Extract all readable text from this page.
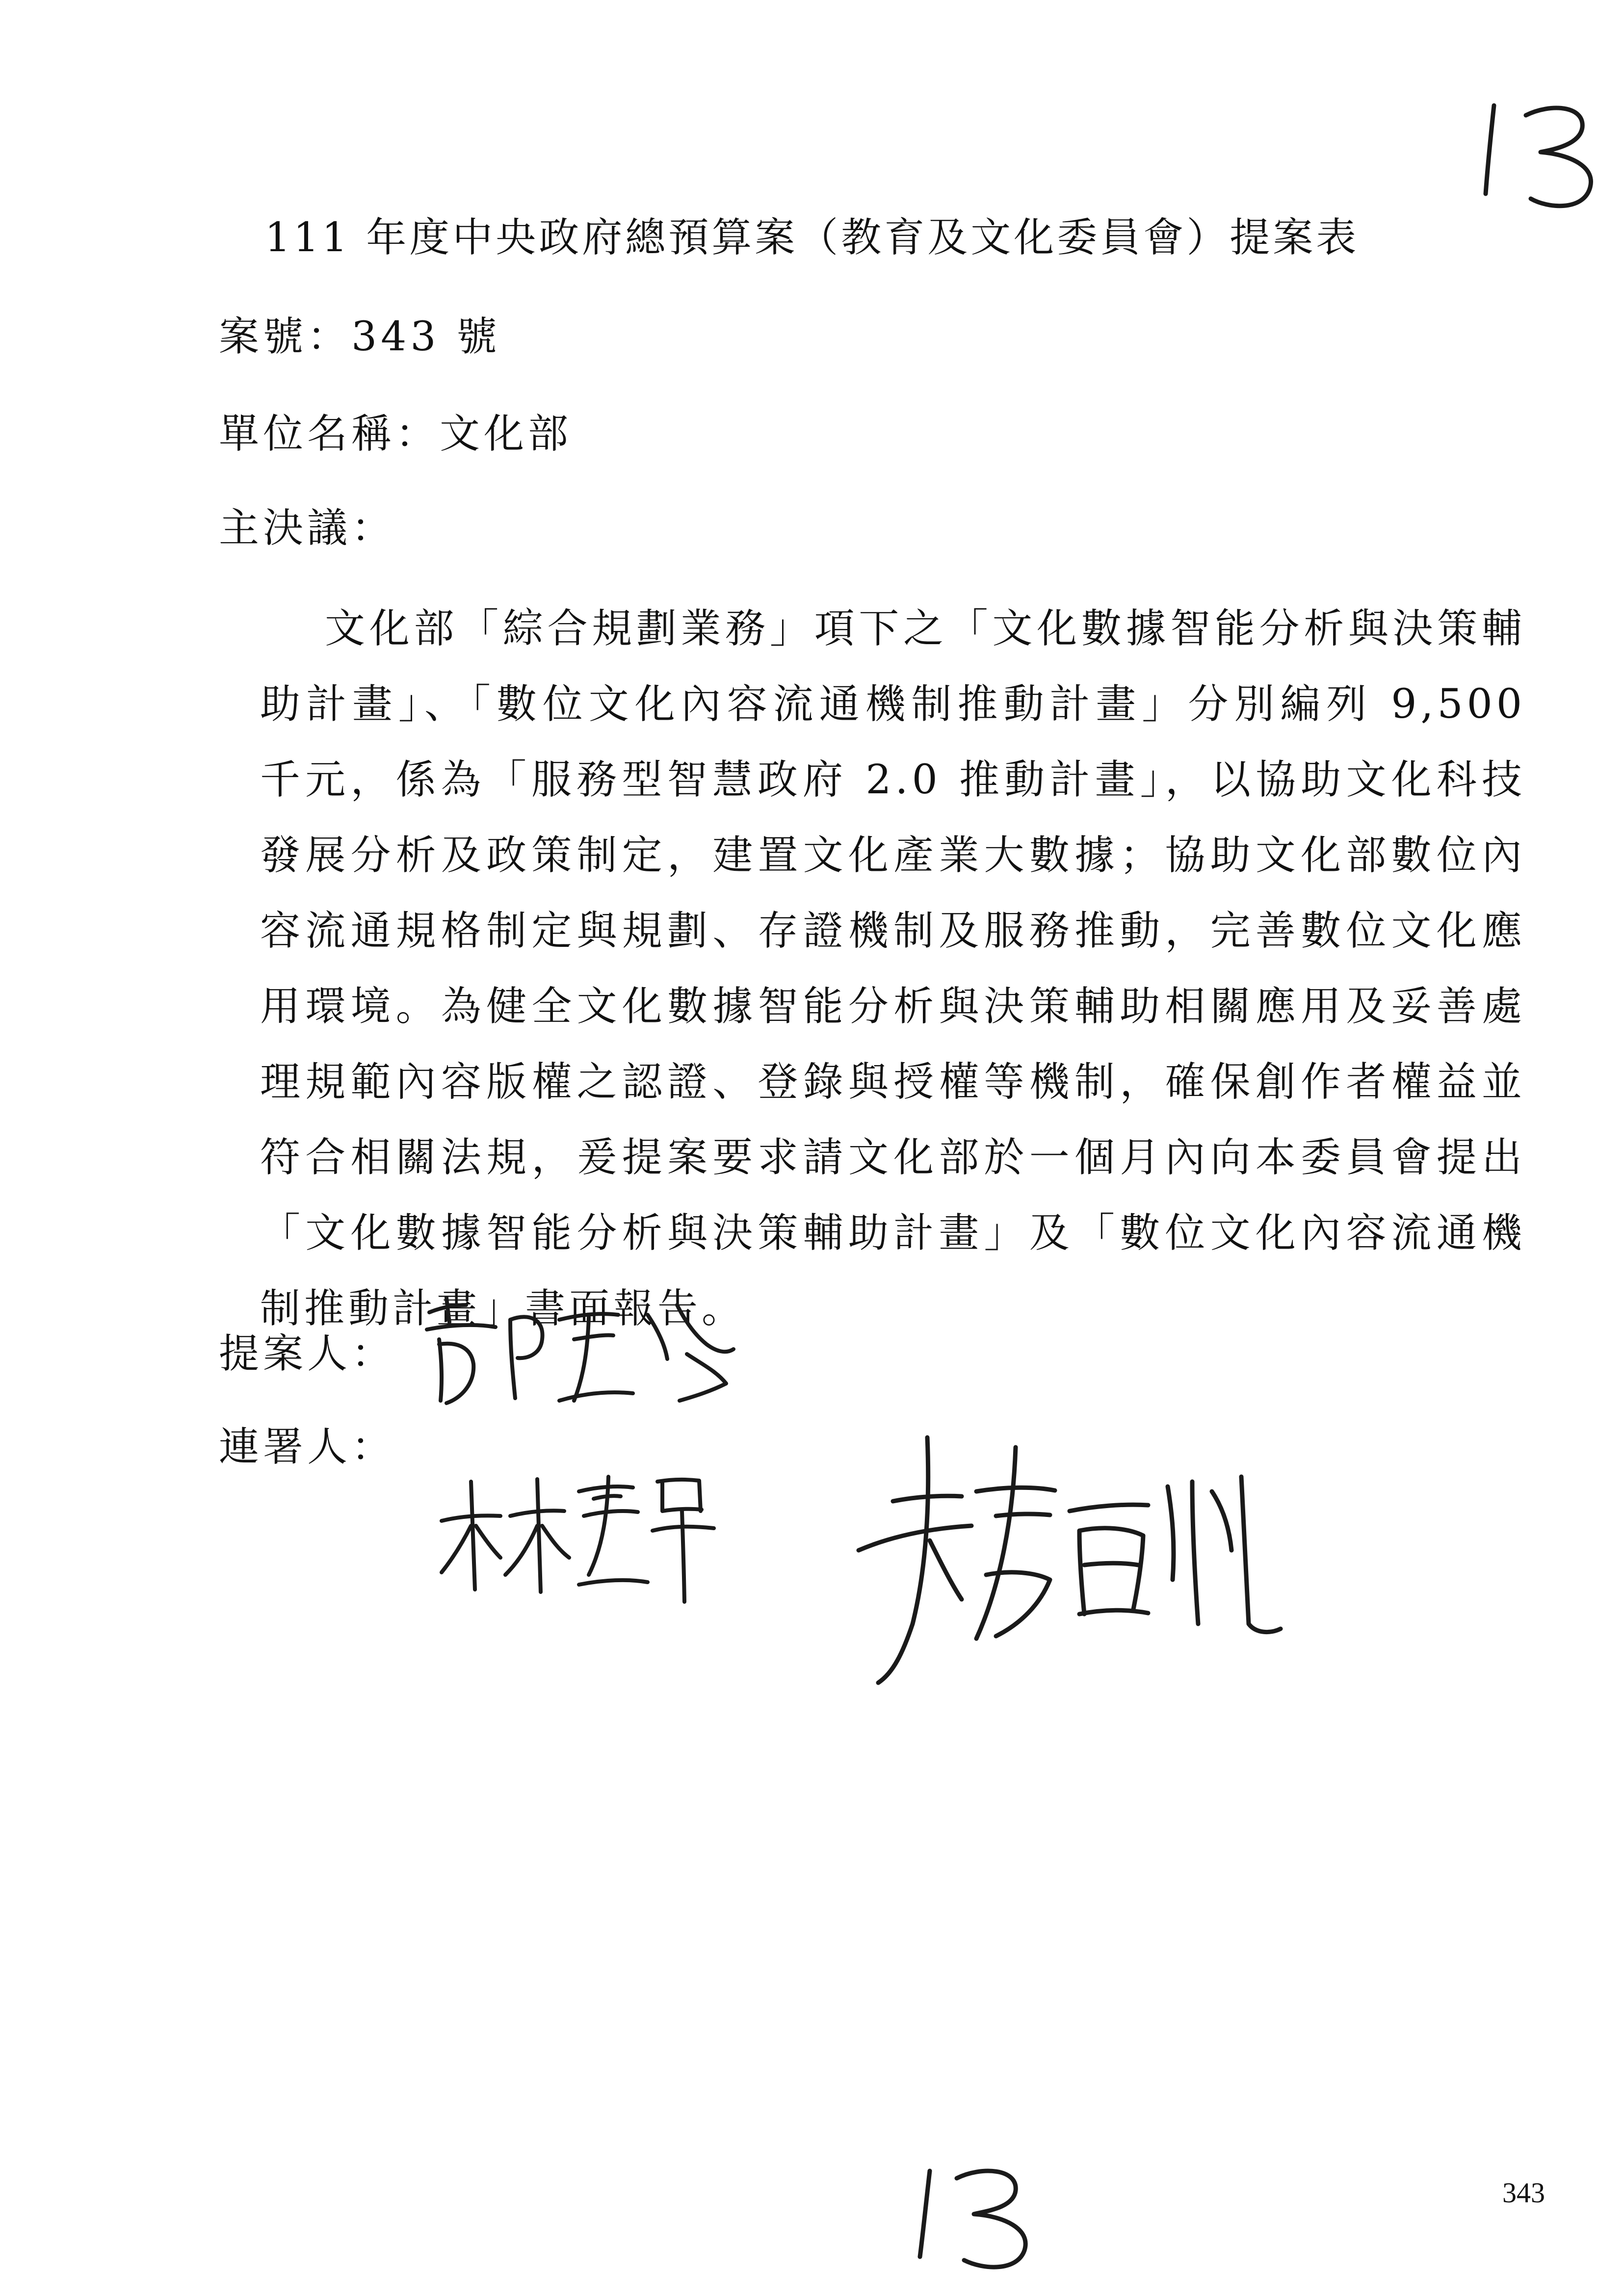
111 年度中央政府總預算案（教育及文化委員會）提案表
案號：343 號
單位名稱：文化部
主決議：
文化部「綜合規劃業務」項下之「文化數據智能分析與決策輔助計畫」、「數位文化內容流通機制推動計畫」分別編列 9,500 千元，係為「服務型智慧政府 2.0 推動計畫」，以協助文化科技發展分析及政策制定，建置文化產業大數據；協助文化部數位內容流通規格制定與規劃、存證機制及服務推動，完善數位文化應用環境。為健全文化數據智能分析與決策輔助相關應用及妥善處理規範內容版權之認證、登錄與授權等機制，確保創作者權益並符合相關法規，爰提案要求請文化部於一個月內向本委員會提出「文化數據智能分析與決策輔助計畫」及「數位文化內容流通機制推動計畫」書面報告。
提案人：
連署人：
343
